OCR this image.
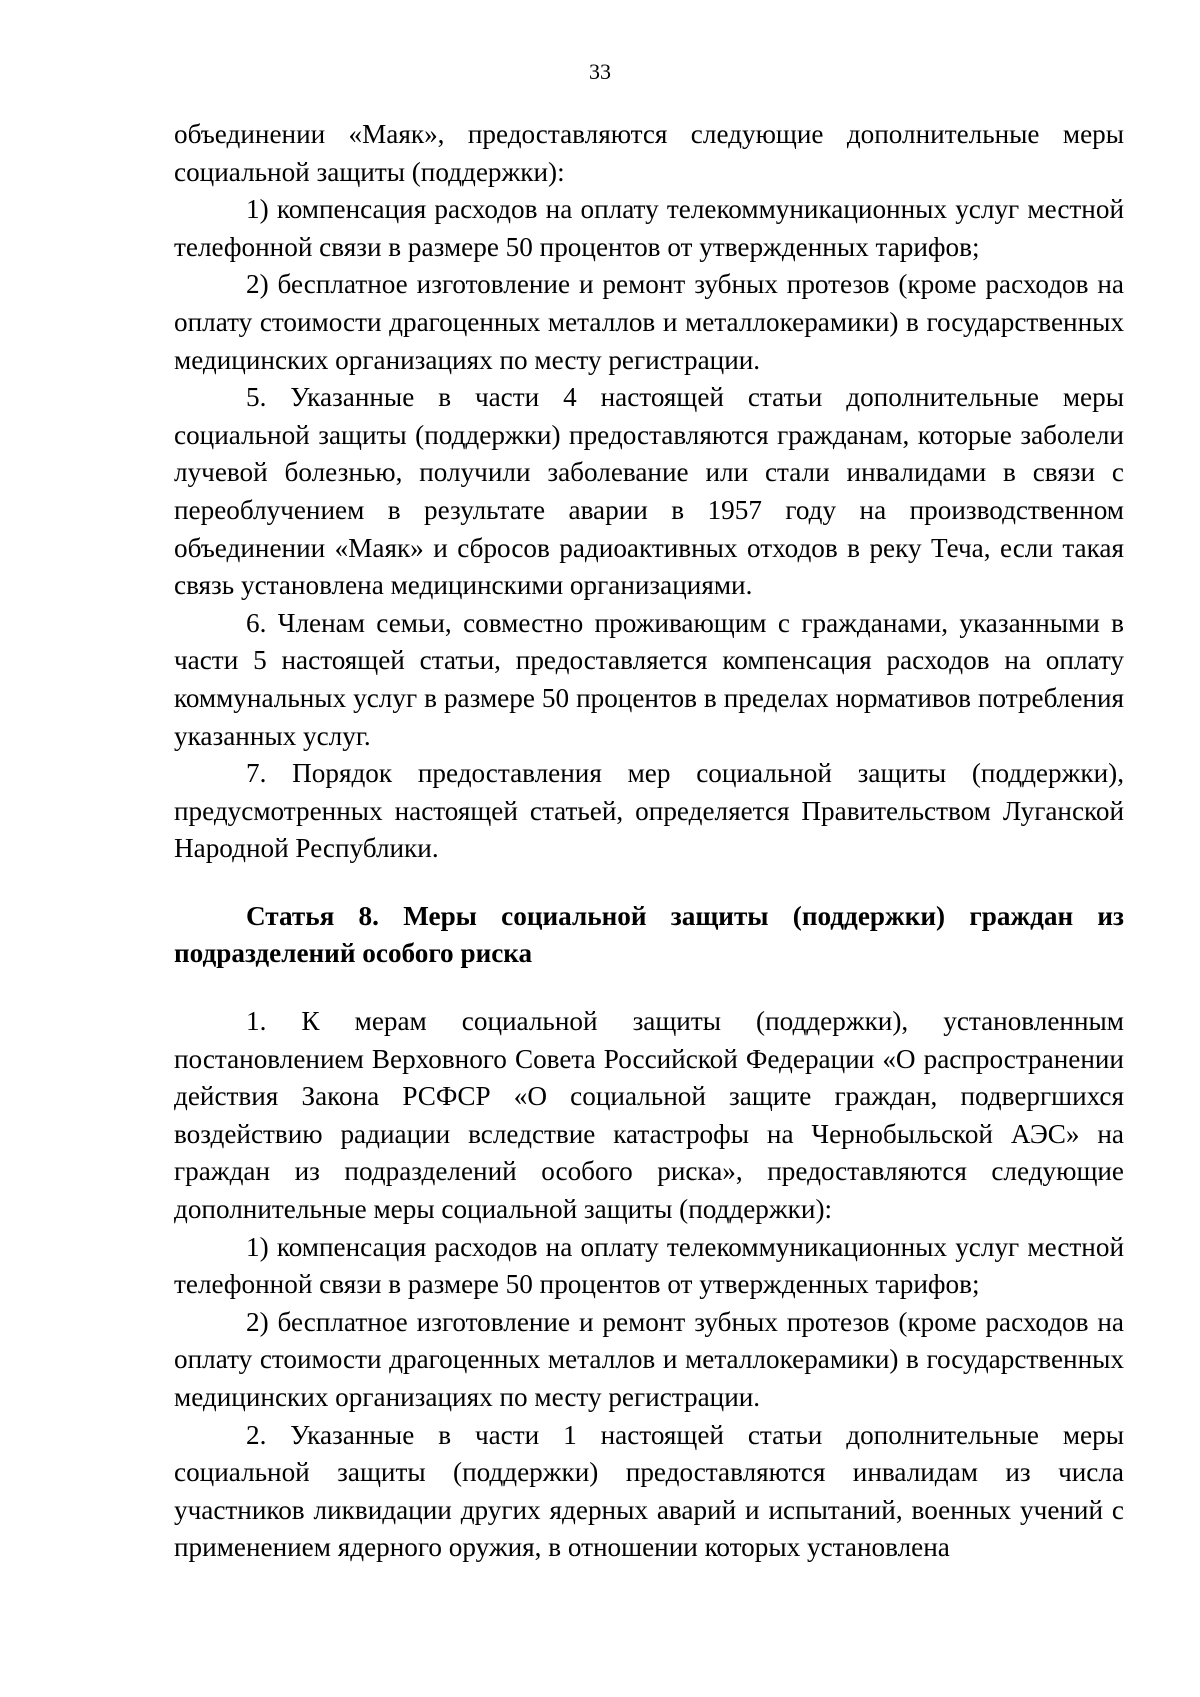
33

объединении «Маяк», предоставляются следующие дополнительные меры социальной защиты (поддержки):

1) компенсация расходов на оплату телекоммуникационных услуг местной телефонной связи в размере 50 процентов от утвержденных тарифов;

2) бесплатное изготовление и ремонт зубных протезов (кроме расходов на оплату стоимости драгоценных металлов и металлокерамики) в государственных медицинских организациях по месту регистрации.

5. Указанные в части 4 настоящей статьи дополнительные меры социальной защиты (поддержки) предоставляются гражданам, которые заболели лучевой болезнью, получили заболевание или стали инвалидами в связи с переоблучением в результате аварии в 1957 году на производственном объединении «Маяк» и сбросов радиоактивных отходов в реку Теча, если такая связь установлена медицинскими организациями.

6. Членам семьи, совместно проживающим с гражданами, указанными в части 5 настоящей статьи, предоставляется компенсация расходов на оплату коммунальных услуг в размере 50 процентов в пределах нормативов потребления указанных услуг.

7. Порядок предоставления мер социальной защиты (поддержки), предусмотренных настоящей статьей, определяется Правительством Луганской Народной Республики.

Статья 8. Меры социальной защиты (поддержки) граждан из подразделений особого риска

1. К мерам социальной защиты (поддержки), установленным постановлением Верховного Совета Российской Федерации «О распространении действия Закона РСФСР «О социальной защите граждан, подвергшихся воздействию радиации вследствие катастрофы на Чернобыльской АЭС» на граждан из подразделений особого риска», предоставляются следующие дополнительные меры социальной защиты (поддержки):

1) компенсация расходов на оплату телекоммуникационных услуг местной телефонной связи в размере 50 процентов от утвержденных тарифов;

2) бесплатное изготовление и ремонт зубных протезов (кроме расходов на оплату стоимости драгоценных металлов и металлокерамики) в государственных медицинских организациях по месту регистрации.

2. Указанные в части 1 настоящей статьи дополнительные меры социальной защиты (поддержки) предоставляются инвалидам из числа участников ликвидации других ядерных аварий и испытаний, военных учений с применением ядерного оружия, в отношении которых установлена
